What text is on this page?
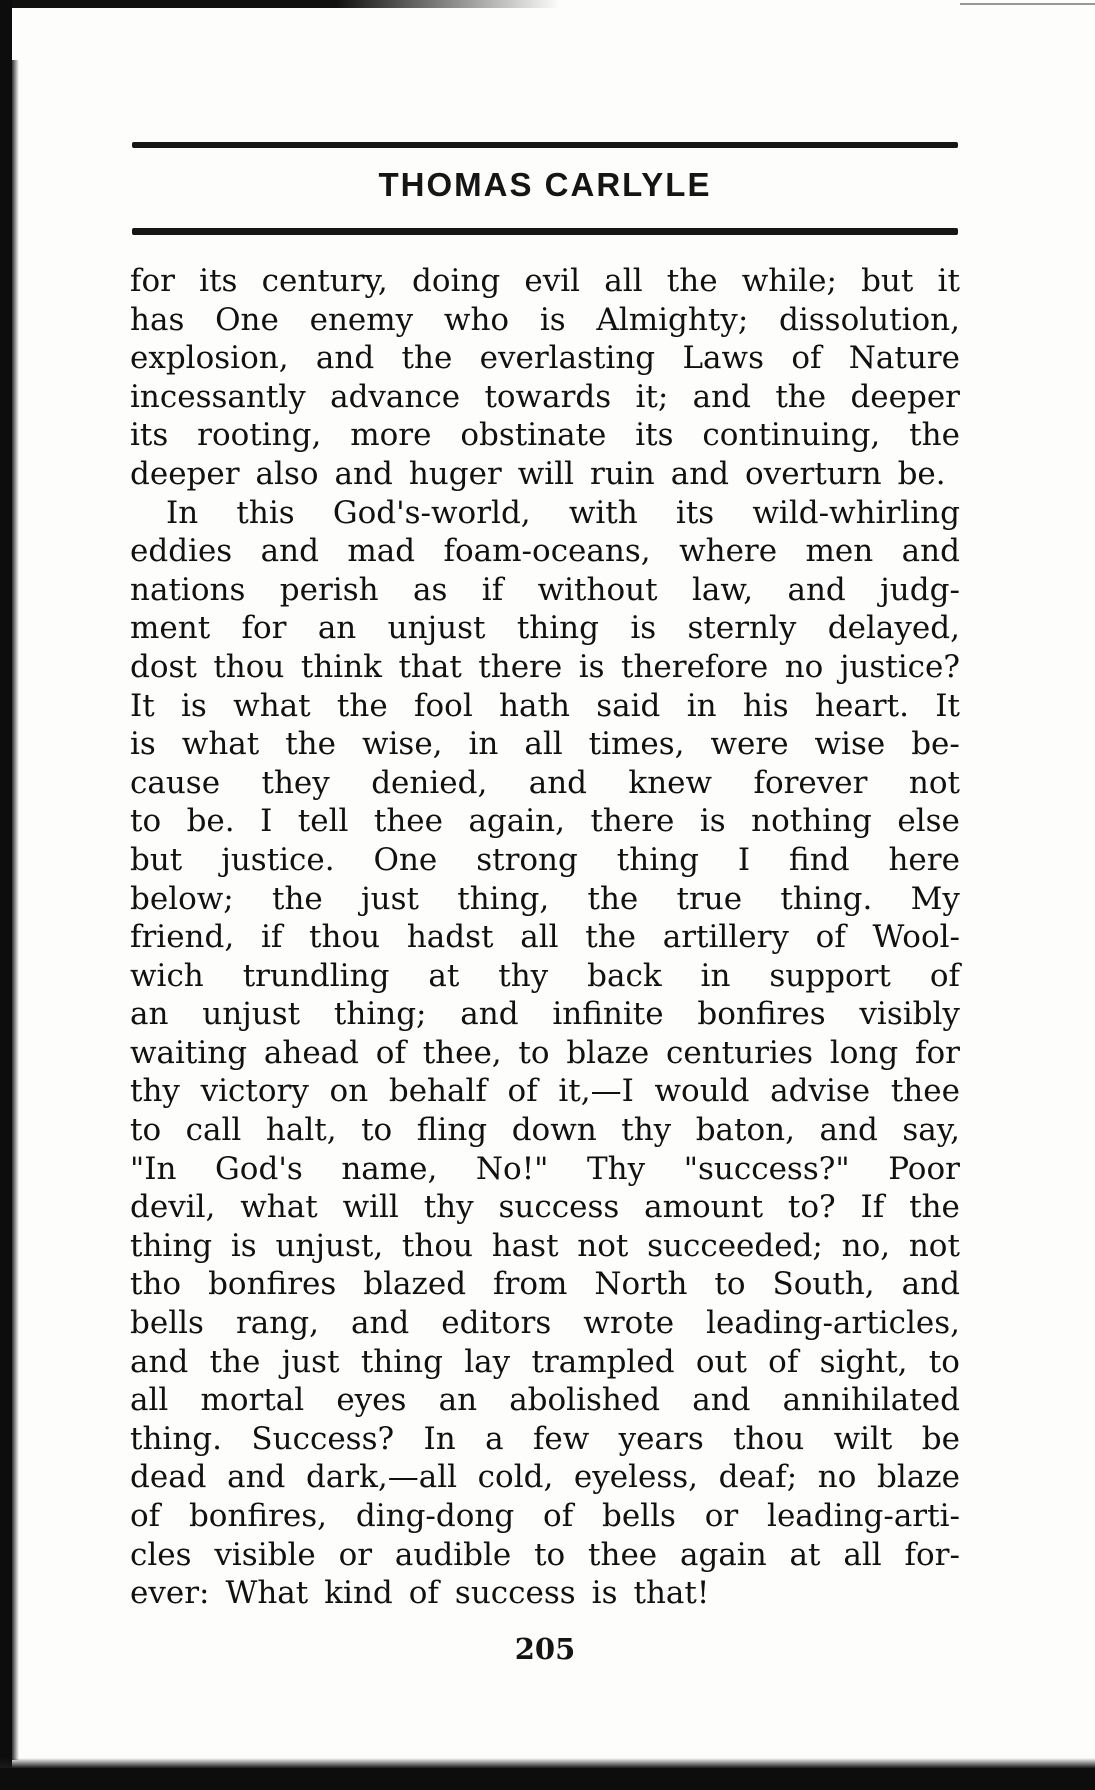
THOMAS CARLYLE
for its century, doing evil all the while; but it
has One enemy who is Almighty; dissolution,
explosion, and the everlasting Laws of Nature
incessantly advance towards it; and the deeper
its rooting, more obstinate its continuing, the
deeper also and huger will ruin and overturn be.
In this God's-world, with its wild-whirling
eddies and mad foam-oceans, where men and
nations perish as if without law, and judg-
ment for an unjust thing is sternly delayed,
dost thou think that there is therefore no justice?
It is what the fool hath said in his heart. It
is what the wise, in all times, were wise be-
cause they denied, and knew forever not
to be. I tell thee again, there is nothing else
but justice. One strong thing I find here
below; the just thing, the true thing. My
friend, if thou hadst all the artillery of Wool-
wich trundling at thy back in support of
an unjust thing; and infinite bonfires visibly
waiting ahead of thee, to blaze centuries long for
thy victory on behalf of it,—I would advise thee
to call halt, to fling down thy baton, and say,
"In God's name, No!" Thy "success?" Poor
devil, what will thy success amount to? If the
thing is unjust, thou hast not succeeded; no, not
tho bonfires blazed from North to South, and
bells rang, and editors wrote leading-articles,
and the just thing lay trampled out of sight, to
all mortal eyes an abolished and annihilated
thing. Success? In a few years thou wilt be
dead and dark,—all cold, eyeless, deaf; no blaze
of bonfires, ding-dong of bells or leading-arti-
cles visible or audible to thee again at all for-
ever: What kind of success is that!
205
